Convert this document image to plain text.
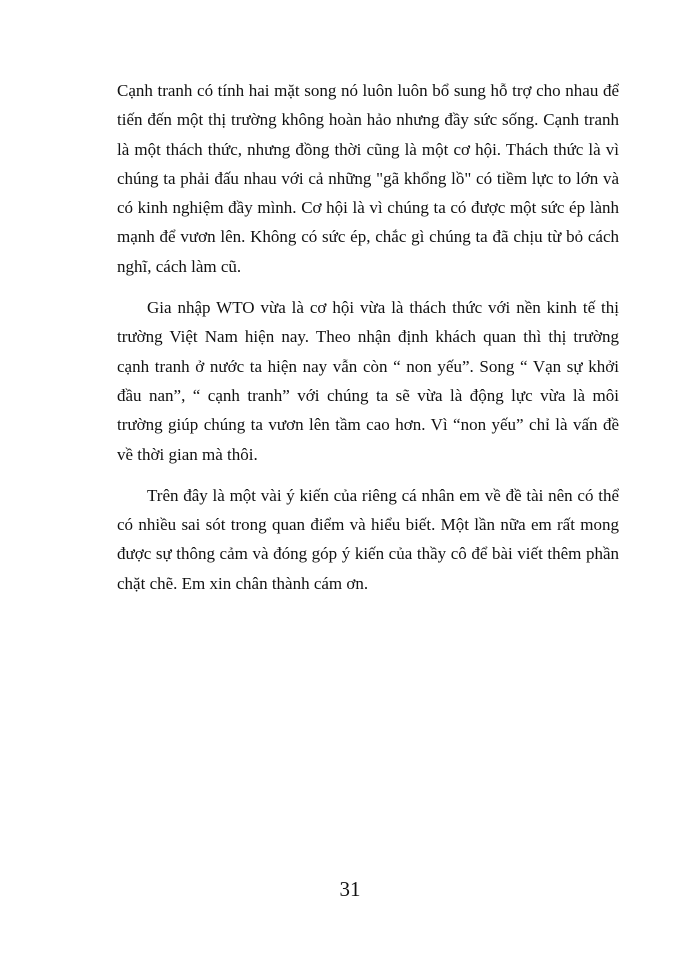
Cạnh tranh có tính hai mặt song nó luôn luôn bổ sung hỗ trợ cho nhau để tiến đến một thị trường không hoàn hảo nhưng đầy sức sống. Cạnh tranh là một thách thức, nhưng đồng thời cũng là một cơ hội. Thách thức là vì chúng ta phải đấu nhau với cả những "gã khổng lồ" có tiềm lực to lớn và có kinh nghiệm đầy mình. Cơ hội là vì chúng ta có được một sức ép lành mạnh để vươn lên. Không có sức ép, chắc gì chúng ta đã chịu từ bỏ cách nghĩ, cách làm cũ.

Gia nhập WTO vừa là cơ hội vừa là thách thức với nền kinh tế thị trường Việt Nam hiện nay. Theo nhận định khách quan thì thị trường cạnh tranh ở nước ta hiện nay vẫn còn “ non yếu”. Song “ Vạn sự khởi đầu nan”, “ cạnh tranh” với chúng ta sẽ vừa là động lực vừa là môi trường giúp chúng ta vươn lên tầm cao hơn. Vì “non yếu” chỉ là vấn đề về thời gian mà thôi.

Trên đây là một vài ý kiến của riêng cá nhân em về đề tài nên có thể có nhiều sai sót trong quan điểm và hiểu biết. Một lần nữa em rất mong được sự thông cảm và đóng góp ý kiến của thầy cô để bài viết thêm phần chặt chẽ. Em xin chân thành cám ơn.

31
